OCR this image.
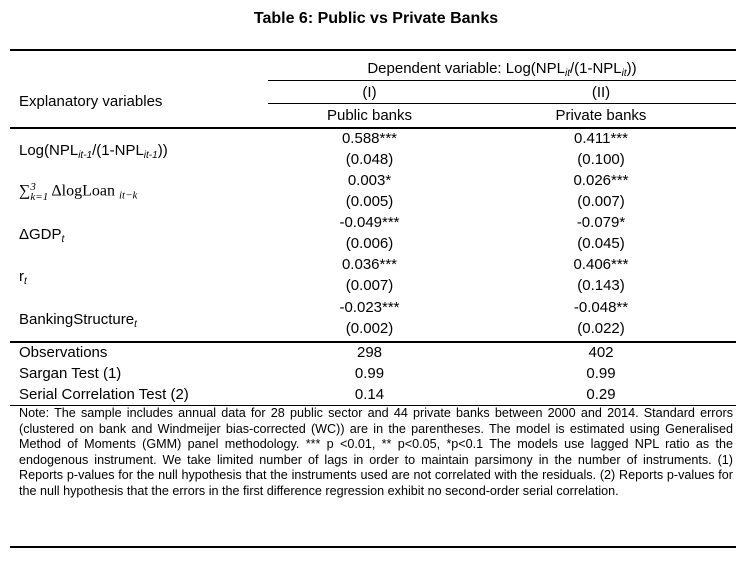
Table 6: Public vs Private Banks
Dependent variable: $Log(NPL_{it}/(1-NPL_{it}))$
(I)	(II)
Explanatory variables
Public banks	Private banks
$Log(NPL_{it-1}/(1-NPL_{it-1}))$
0.588***	0.411***
(0.048)	(0.100)
∑ 3
k=1 ΔlogLoan it−k
0.003*	0.026***
(0.005)	(0.007)
$\Delta GDP_t$
-0.049***	-0.079*
(0.006)	(0.045)
$r_t$
0.036***	0.406***
(0.007)	(0.143)
BankingStructure$_t$
-0.023***	-0.048**
(0.002)	(0.022)
Observations	298	402
Sargan Test (1)	0.99	0.99
Serial Correlation Test (2)	0.14	0.29
Note: The sample includes annual data for 28 public sector and 44 private banks between 2000 and 2014. Standard errors (clustered on bank and Windmeijer bias-corrected (WC)) are in the parentheses. The model is estimated using Generalised Method of Moments (GMM) panel methodology. *** p <0.01, ** p<0.05, *p<0.1 The models use lagged NPL ratio as the endogenous instrument. We take limited number of lags in order to maintain parsimony in the number of instruments. (1) Reports p-values for the null hypothesis that the instruments used are not correlated with the residuals. (2) Reports p-values for the null hypothesis that the errors in the first difference regression exhibit no second-order serial correlation.
